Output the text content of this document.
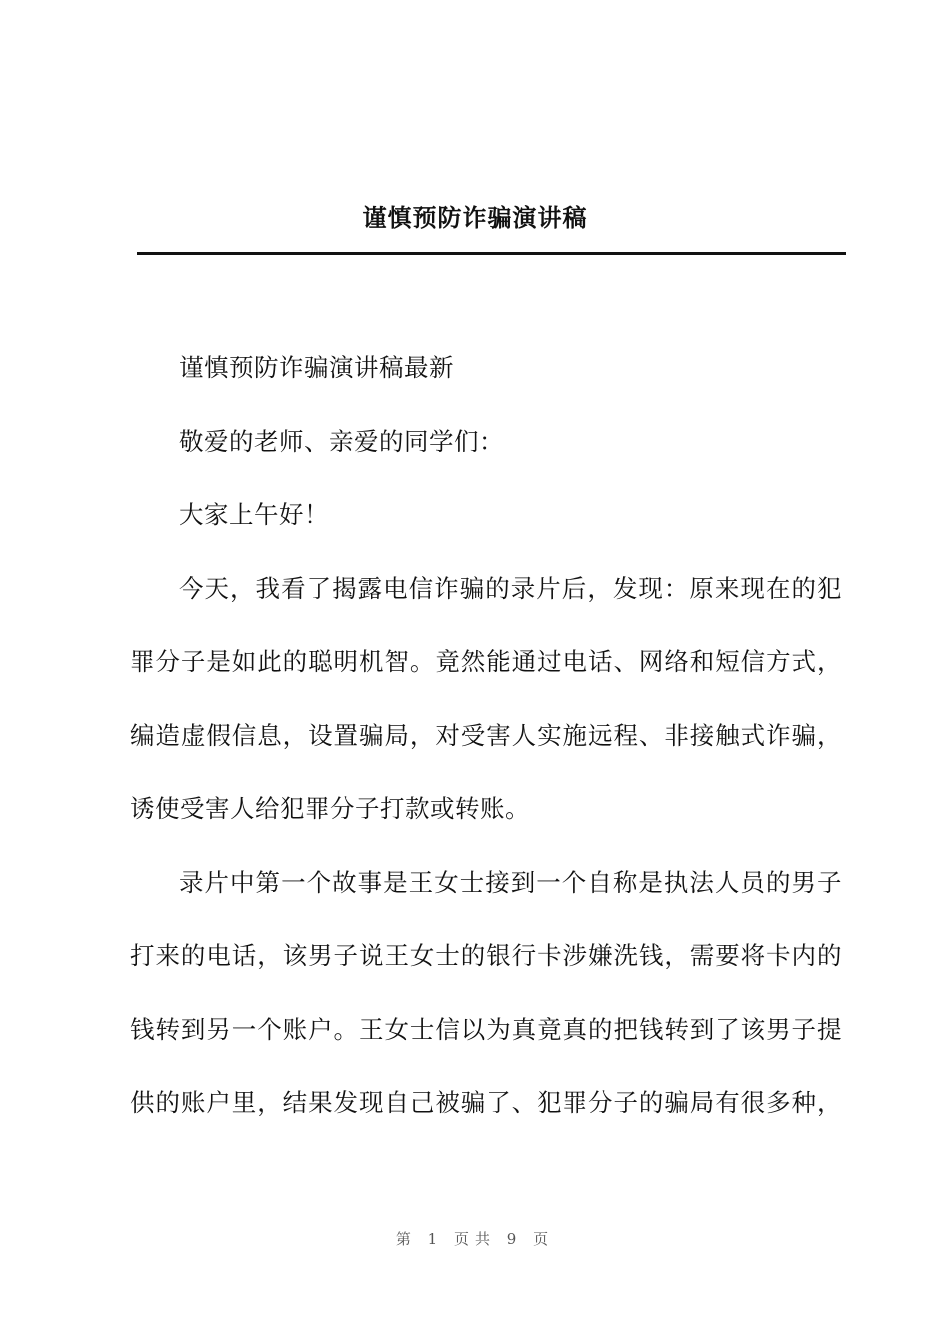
谨慎预防诈骗演讲稿
谨慎预防诈骗演讲稿最新
敬爱的老师、亲爱的同学们：
大家上午好！
今天，我看了揭露电信诈骗的录片后，发现：原来现在的犯
罪分子是如此的聪明机智。竟然能通过电话、网络和短信方式，
编造虚假信息，设置骗局，对受害人实施远程、非接触式诈骗，
诱使受害人给犯罪分子打款或转账。
录片中第一个故事是王女士接到一个自称是执法人员的男子
打来的电话，该男子说王女士的银行卡涉嫌洗钱，需要将卡内的
钱转到另一个账户。王女士信以为真竟真的把钱转到了该男子提
供的账户里，结果发现自己被骗了、犯罪分子的骗局有很多种，
第 1 页共 9 页
